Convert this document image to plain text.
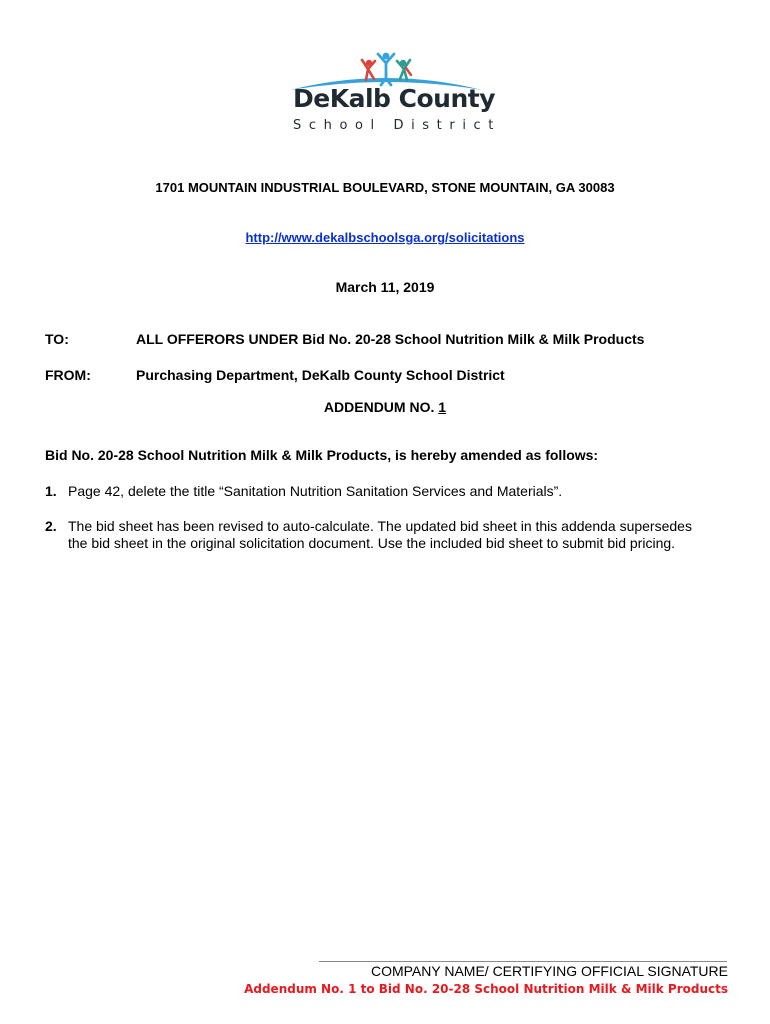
DeKalb County
School District
1701 MOUNTAIN INDUSTRIAL BOULEVARD, STONE MOUNTAIN, GA 30083
http://www.dekalbschoolsga.org/solicitations
March 11, 2019
TO:	ALL OFFERORS UNDER Bid No. 20-28 School Nutrition Milk & Milk Products
FROM:	Purchasing Department, DeKalb County School District
ADDENDUM NO. 1
Bid No. 20-28 School Nutrition Milk & Milk Products, is hereby amended as follows:
1. Page 42, delete the title “Sanitation Nutrition Sanitation Services and Materials”.
2. The bid sheet has been revised to auto-calculate. The updated bid sheet in this addenda supersedes the bid sheet in the original solicitation document. Use the included bid sheet to submit bid pricing.
COMPANY NAME/ CERTIFYING OFFICIAL SIGNATURE
Addendum No. 1 to Bid No. 20-28 School Nutrition Milk & Milk Products
